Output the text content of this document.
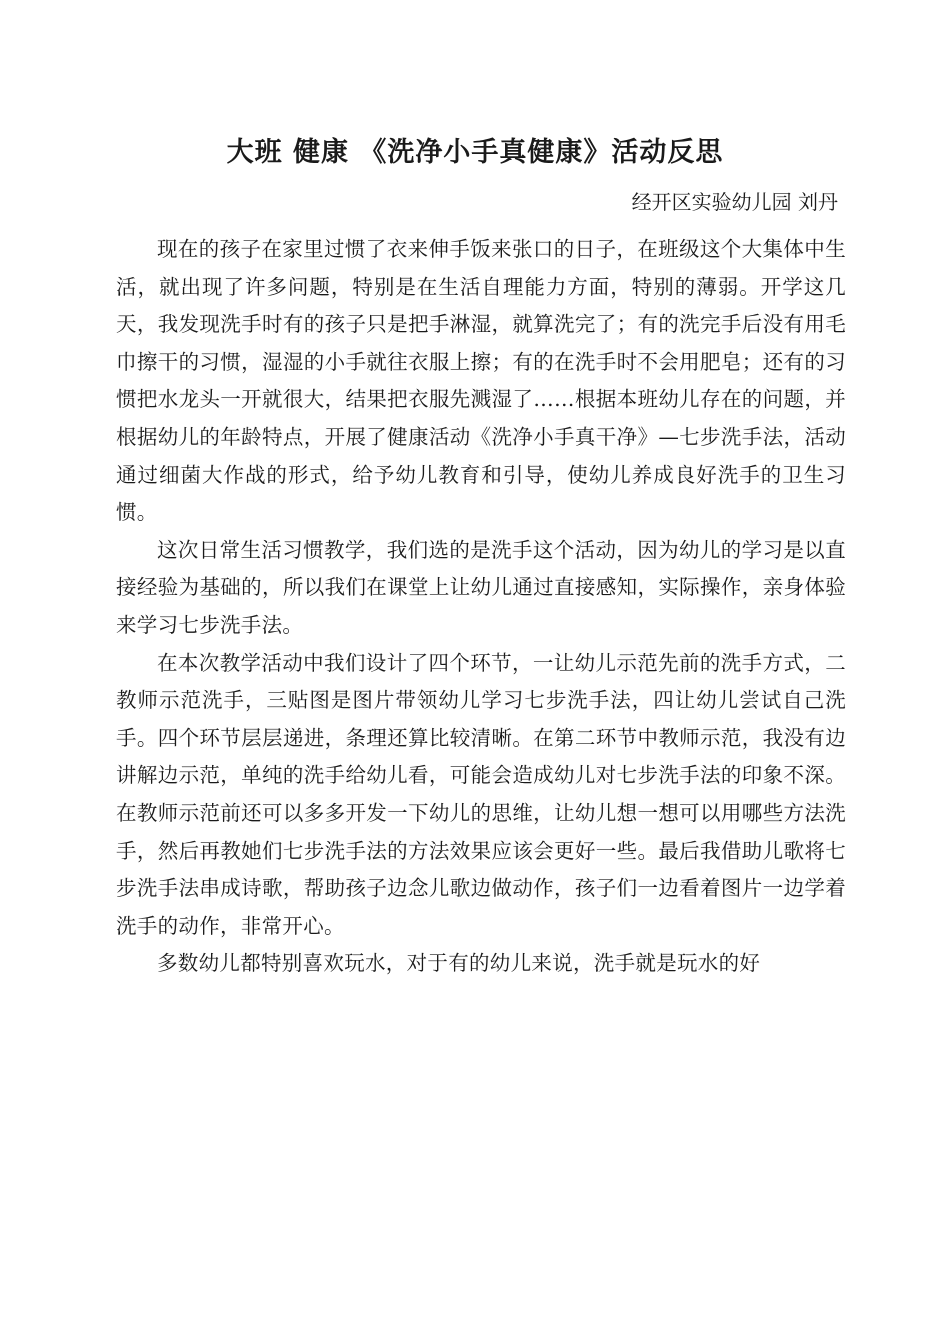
大班 健康 《洗净小手真健康》活动反思
经开区实验幼儿园 刘丹

现在的孩子在家里过惯了衣来伸手饭来张口的日子，在班级这个大集体中生活，就出现了许多问题，特别是在生活自理能力方面，特别的薄弱。开学这几天，我发现洗手时有的孩子只是把手淋湿，就算洗完了；有的洗完手后没有用毛巾擦干的习惯，湿湿的小手就往衣服上擦；有的在洗手时不会用肥皂；还有的习惯把水龙头一开就很大，结果把衣服先溅湿了……根据本班幼儿存在的问题，并根据幼儿的年龄特点，开展了健康活动《洗净小手真干净》—七步洗手法，活动通过细菌大作战的形式，给予幼儿教育和引导，使幼儿养成良好洗手的卫生习惯。

这次日常生活习惯教学，我们选的是洗手这个活动，因为幼儿的学习是以直接经验为基础的，所以我们在课堂上让幼儿通过直接感知，实际操作，亲身体验来学习七步洗手法。

在本次教学活动中我们设计了四个环节，一让幼儿示范先前的洗手方式，二教师示范洗手，三贴图是图片带领幼儿学习七步洗手法，四让幼儿尝试自己洗手。四个环节层层递进，条理还算比较清晰。在第二环节中教师示范，我没有边讲解边示范，单纯的洗手给幼儿看，可能会造成幼儿对七步洗手法的印象不深。在教师示范前还可以多多开发一下幼儿的思维，让幼儿想一想可以用哪些方法洗手，然后再教她们七步洗手法的方法效果应该会更好一些。最后我借助儿歌将七步洗手法串成诗歌，帮助孩子边念儿歌边做动作，孩子们一边看着图片一边学着洗手的动作，非常开心。

多数幼儿都特别喜欢玩水，对于有的幼儿来说，洗手就是玩水的好
